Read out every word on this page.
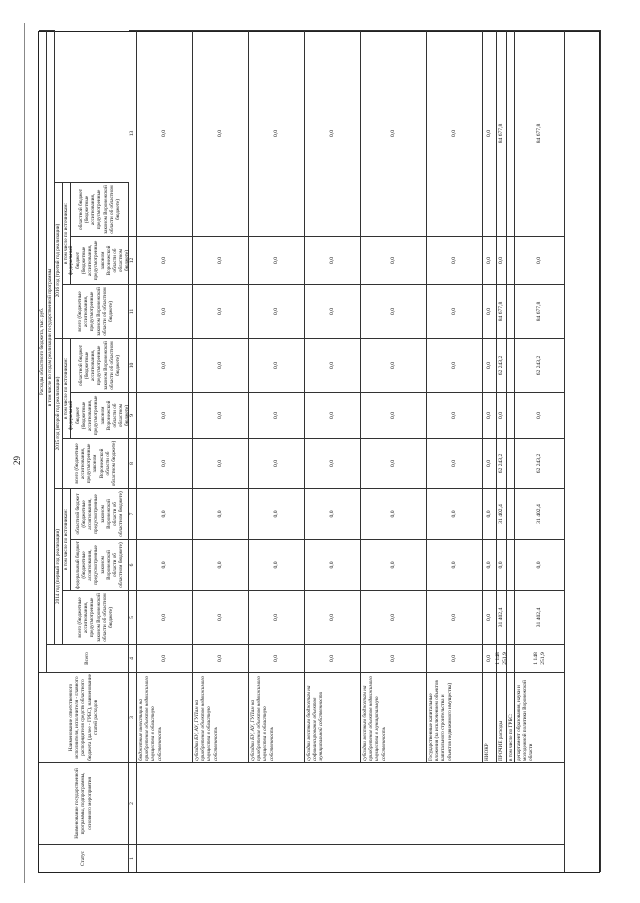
29
Статус
Наименование государственной программы, подпрограммы, основного мероприятия
Наименование ответственного исполнителя, исполнителя - главного распорядителя средств областного бюджета (далее - ГРБС), наименование статей расходов
Расходы областного бюджета, тыс. руб.
Всего
в том числе по годам реализации государственной программы
2014 год (первый год реализации)
всего (бюджетные ассигнования, предусмотренные законом Воронежской области об областном бюджете)
в том числе по источникам:	федеральный бюджет (бюджетные ассигнования, предусмотренные законом Воронежской области об областном бюджете)
областной бюджет (бюджетные ассигнования, предусмотренные законом Воронежской области об областном бюджете)
2015 год (второй год реализации)
всего (бюджетные ассигнования, предусмотренные законом Воронежской области об областном бюджете)
в том числе по источникам: федеральный бюджет (бюджетные ассигнования, предусмотренные законом Воронежской области об областном бюджете)
областной бюджет (бюджетные ассигнования, предусмотренные законом Воронежской области об областном бюджете)
2016 год (третий год реализации)
всего (бюджетные ассигнования, предусмотренные законом Воронежской области об областном бюджете)
в том числе по источникам: федеральный бюджет (бюджетные ассигнования, предусмотренные законом Воронежской области об областном бюджете)
областной бюджет (бюджетные ассигнования, предусмотренные законом Воронежской области об областном бюджете)
1
2
3
4
5
6
7
8
9
10
11
12
13
бюджетные инвестиции на приобретение объектов недвижимого имущества в областную собственность
0,0
0,0
0,0
0,0
0,0
0,0
0,0
0,0
0,0
0,0
субсидии БУ, АУ, ГУПам на приобретение объектов недвижимого имущества в областную собственность
0,0
0,0
0,0
0,0
0,0
0,0
0,0
0,0
0,0
0,0
субсидии БУ, АУ, ГУПам на приобретение объектов недвижимого имущества в областную собственность
0,0
0,0
0,0
0,0
0,0
0,0
0,0
0,0
0,0
0,0
субсидии местным бюджетам на софинансирование объектов муниципальной собственности
0,0
0,0
0,0
0,0
0,0
0,0
0,0
0,0
0,0
0,0
субсидии местным бюджетам на приобретение объектов недвижимого имущества в муниципальную собственность
0,0
0,0
0,0
0,0
0,0
0,0
0,0
0,0
0,0
0,0
Государственные капитальные вложения (за исключением объектов капитального строительства и объектов недвижимого имущества)
0,0
0,0
0,0
0,0
0,0
0,0
0,0
0,0
0,0
0,0
НИОКР
0,0
0,0
0,0
0,0
0,0
0,0
0,0
0,0
0,0
0,0
ПРОЧИЕ расходы
1 148 251,9
31 402,4
0,0
31 402,4
62 243,2
0,0
62 243,2
84 677,8
0,0
84 677,8
в том числе по ГРБС: департамент образования, науки и молодежной политики Воронежской области
1 148 251,9
31 402,4
0,0
31 402,4
62 243,2
0,0
62 243,2
84 677,8
0,0
84 677,8
